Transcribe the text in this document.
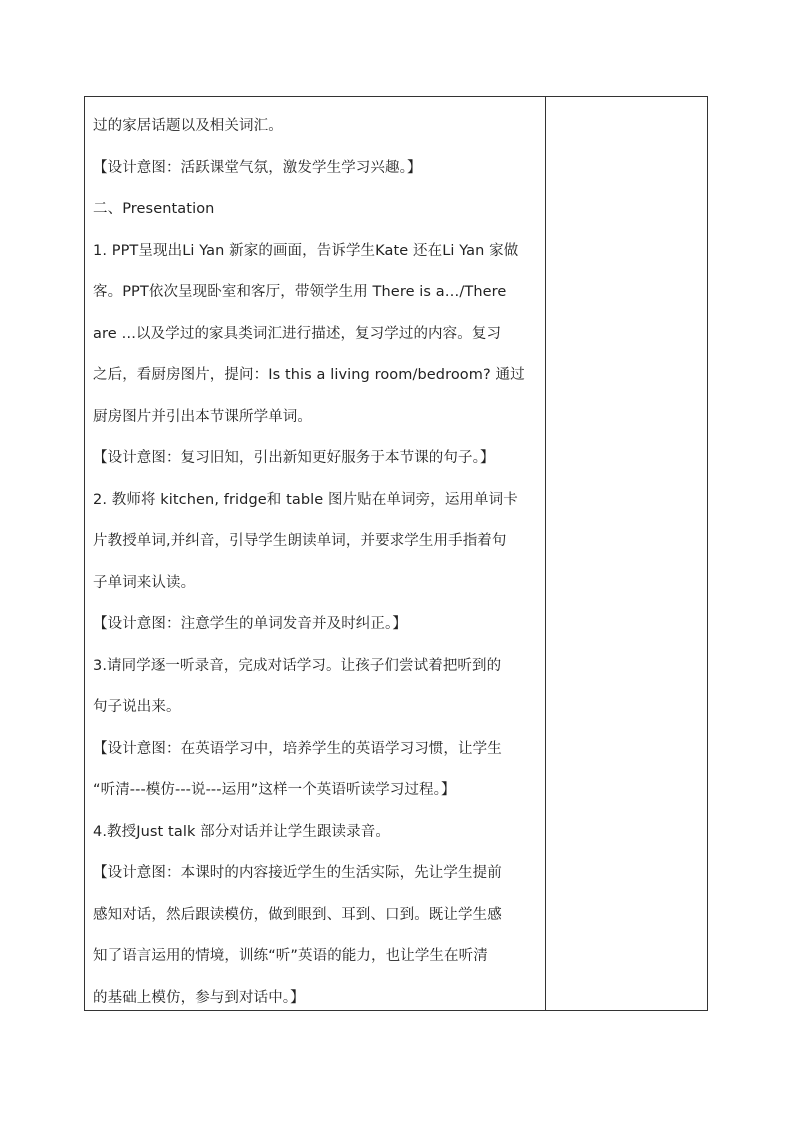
过的家居话题以及相关词汇。
【设计意图：活跃课堂气氛，激发学生学习兴趣。】
二、Presentation
1. PPT呈现出Li Yan 新家的画面，告诉学生Kate 还在Li Yan 家做
客。PPT依次呈现卧室和客厅，带领学生用 There is a…/There
are …以及学过的家具类词汇进行描述，复习学过的内容。复习
之后，看厨房图片，提问：Is this a living room/bedroom? 通过
厨房图片并引出本节课所学单词。
【设计意图：复习旧知，引出新知更好服务于本节课的句子。】
2. 教师将 kitchen, fridge和 table 图片贴在单词旁，运用单词卡
片教授单词,并纠音，引导学生朗读单词，并要求学生用手指着句
子单词来认读。
【设计意图：注意学生的单词发音并及时纠正。】
3.请同学逐一听录音，完成对话学习。让孩子们尝试着把听到的
句子说出来。
【设计意图：在英语学习中，培养学生的英语学习习惯，让学生
“听清---模仿---说---运用”这样一个英语听读学习过程。】
4.教授Just talk 部分对话并让学生跟读录音。
【设计意图：本课时的内容接近学生的生活实际，先让学生提前
感知对话，然后跟读模仿，做到眼到、耳到、口到。既让学生感
知了语言运用的情境，训练“听”英语的能力，也让学生在听清
的基础上模仿，参与到对话中。】
